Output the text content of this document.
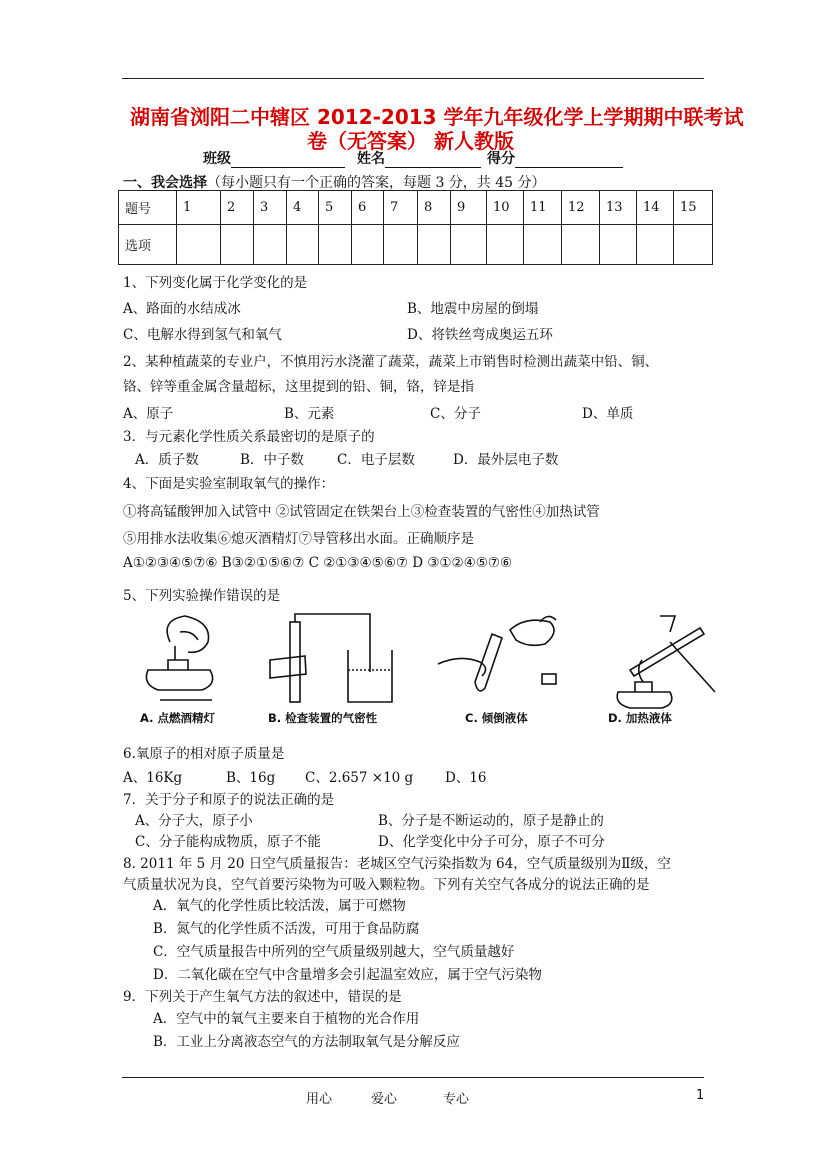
湖南省浏阳二中辖区 2012-2013 学年九年级化学上学期期中联考试
卷（无答案） 新人教版
班级	姓名	得分
一、我会选择（每小题只有一个正确的答案，每题 3 分，共 45 分）
题号	1	2	3	4	5	6	7	8	9	10	11	12	13	14	15
选项															
1、下列变化属于化学变化的是
A、路面的水结成冰	B、地震中房屋的倒塌
C、电解水得到氢气和氧气	D、将铁丝弯成奥运五环
2、某种植蔬菜的专业户，不慎用污水浇灌了蔬菜，蔬菜上市销售时检测出蔬菜中铅、铜、
铬、锌等重金属含量超标，这里提到的铅、铜，铬，锌是指
A、原子	B、元素	C、分子	D、单质
3．与元素化学性质关系最密切的是原子的
A．质子数	B．中子数 C．电子层数	D．最外层电子数
4、下面是实验室制取氧气的操作：
①将高锰酸钾加入试管中 ②试管固定在铁架台上③检查装置的气密性④加热试管
⑤用排水法收集⑥熄灭酒精灯⑦导管移出水面。正确顺序是
A①②③④⑤⑦⑥ B③②①⑤⑥⑦ C ②①③④⑤⑥⑦ D ③①②④⑤⑦⑥
5、下列实验操作错误的是
A. 点燃酒精灯	B. 检查装置的气密性	C. 倾倒液体	D. 加热液体
6.氧原子的相对原子质量是
A、16Kg	B、16g C、2.657 ×10 g D、16
7．关于分子和原子的说法正确的是
A、分子大，原子小	B、分子是不断运动的，原子是静止的
C、分子能构成物质，原子不能	D、化学变化中分子可分，原子不可分
8. 2011 年 5 月 20 日空气质量报告：老城区空气污染指数为 64，空气质量级别为Ⅱ级，空
气质量状况为良，空气首要污染物为可吸入颗粒物。下列有关空气各成分的说法正确的是
A．氧气的化学性质比较活泼，属于可燃物
B．氮气的化学性质不活泼，可用于食品防腐
C．空气质量报告中所列的空气质量级别越大，空气质量越好
D．二氧化碳在空气中含量增多会引起温室效应，属于空气污染物
9．下列关于产生氧气方法的叙述中，错误的是
A．空气中的氧气主要来自于植物的光合作用
B．工业上分离液态空气的方法制取氧气是分解反应
用心	爱心	专心	1
